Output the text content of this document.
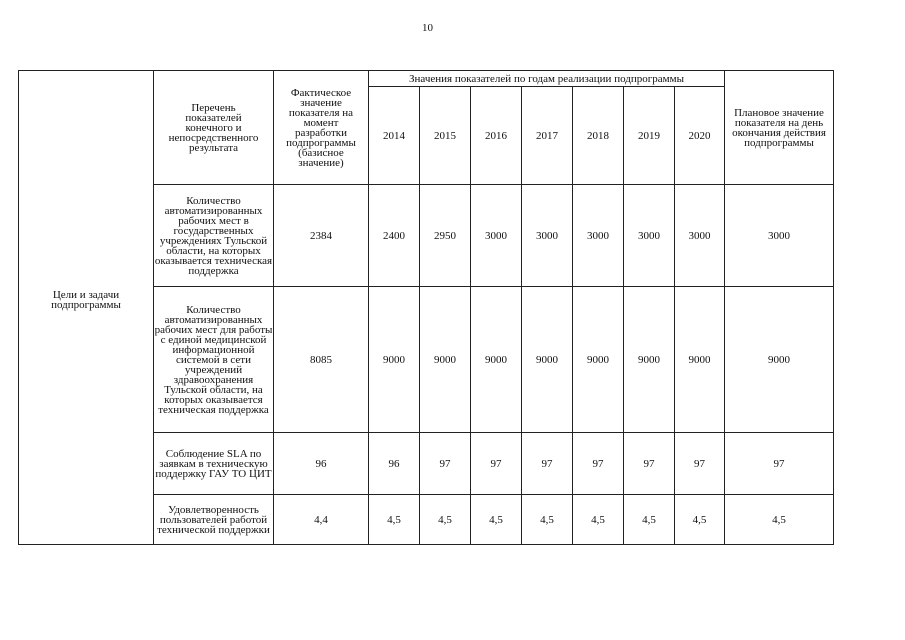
10
Цели и задачи подпрограммы	Перечень показателей конечного и непосредственного результата	Фактическое значение показателя на момент разработки подпрограммы (базисное значение)	Значения показателей по годам реализации подпрограммы							Плановое значение показателя на день окончания действия подпрограммы
			2014	2015	2016	2017	2018	2019	2020	
	Количество автоматизированных рабочих мест в государственных учреждениях Тульской области, на которых оказывается техническая поддержка	2384	2400	2950	3000	3000	3000	3000	3000	3000
	Количество автоматизированных рабочих мест для работы с единой медицинской информационной системой в сети учреждений здравоохранения Тульской области, на которых оказывается техническая поддержка	8085	9000	9000	9000	9000	9000	9000	9000	9000
	Соблюдение SLA по заявкам в техническую поддержку ГАУ ТО ЦИТ	96	96	97	97	97	97	97	97	97
	Удовлетворенность пользователей работой технической поддержки	4,4	4,5	4,5	4,5	4,5	4,5	4,5	4,5	4,5
